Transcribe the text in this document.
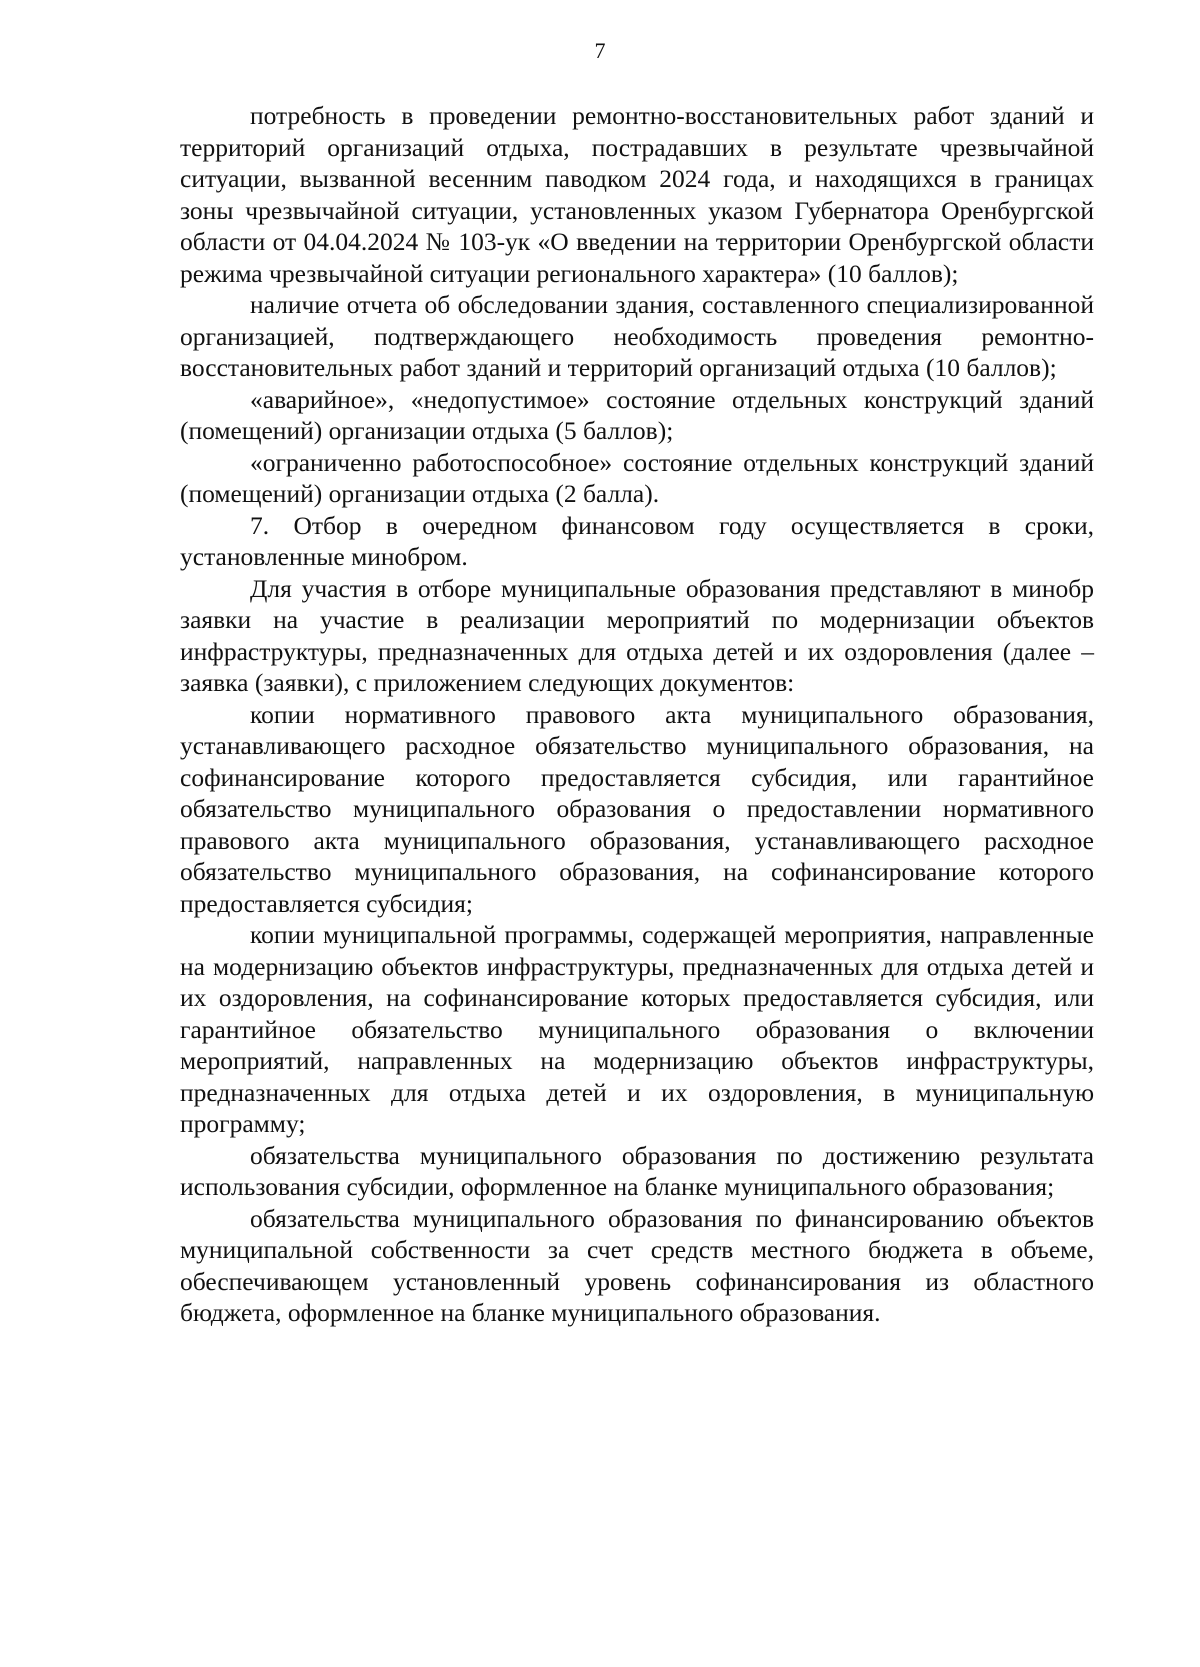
7

потребность в проведении ремонтно-восстановительных работ зданий и территорий организаций отдыха, пострадавших в результате чрезвычайной ситуации, вызванной весенним паводком 2024 года, и находящихся в границах зоны чрезвычайной ситуации, установленных указом Губернатора Оренбургской области от 04.04.2024 № 103-ук «О введении на территории Оренбургской области режима чрезвычайной ситуации регионального характера» (10 баллов);

наличие отчета об обследовании здания, составленного специализированной организацией, подтверждающего необходимость проведения ремонтно-восстановительных работ зданий и территорий организаций отдыха (10 баллов);

«аварийное», «недопустимое» состояние отдельных конструкций зданий (помещений) организации отдыха (5 баллов);

«ограниченно работоспособное» состояние отдельных конструкций зданий (помещений) организации отдыха (2 балла).

7. Отбор в очередном финансовом году осуществляется в сроки, установленные минобром.

Для участия в отборе муниципальные образования представляют в минобр заявки на участие в реализации мероприятий по модернизации объектов инфраструктуры, предназначенных для отдыха детей и их оздоровления (далее – заявка (заявки), с приложением следующих документов:

копии нормативного правового акта муниципального образования, устанавливающего расходное обязательство муниципального образования, на софинансирование которого предоставляется субсидия, или гарантийное обязательство муниципального образования о предоставлении нормативного правового акта муниципального образования, устанавливающего расходное обязательство муниципального образования, на софинансирование которого предоставляется субсидия;

копии муниципальной программы, содержащей мероприятия, направленные на модернизацию объектов инфраструктуры, предназначенных для отдыха детей и их оздоровления, на софинансирование которых предоставляется субсидия, или гарантийное обязательство муниципального образования о включении мероприятий, направленных на модернизацию объектов инфраструктуры, предназначенных для отдыха детей и их оздоровления, в муниципальную программу;

обязательства муниципального образования по достижению результата использования субсидии, оформленное на бланке муниципального образования;

обязательства муниципального образования по финансированию объектов муниципальной собственности за счет средств местного бюджета в объеме, обеспечивающем установленный уровень софинансирования из областного бюджета, оформленное на бланке муниципального образования.
